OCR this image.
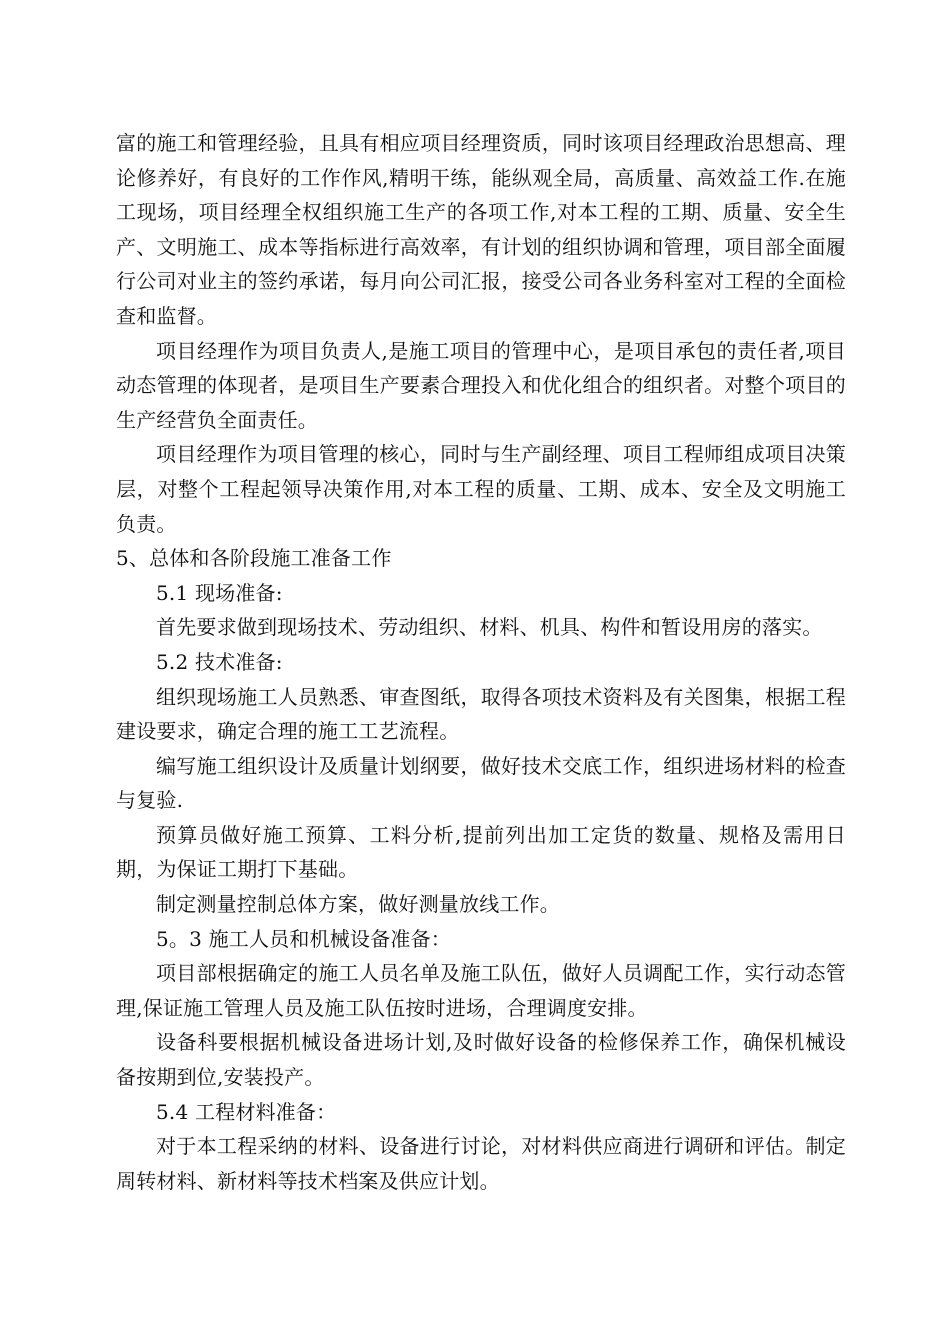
富的施工和管理经验，且具有相应项目经理资质，同时该项目经理政治思想高、理论修养好，有良好的工作作风,精明干练，能纵观全局，高质量、高效益工作.在施工现场，项目经理全权组织施工生产的各项工作,对本工程的工期、质量、安全生产、文明施工、成本等指标进行高效率，有计划的组织协调和管理，项目部全面履行公司对业主的签约承诺，每月向公司汇报，接受公司各业务科室对工程的全面检查和监督。

项目经理作为项目负责人,是施工项目的管理中心，是项目承包的责任者,项目动态管理的体现者，是项目生产要素合理投入和优化组合的组织者。对整个项目的生产经营负全面责任。

项目经理作为项目管理的核心，同时与生产副经理、项目工程师组成项目决策层，对整个工程起领导决策作用,对本工程的质量、工期、成本、安全及文明施工负责。

5、总体和各阶段施工准备工作

5.1 现场准备:

首先要求做到现场技术、劳动组织、材料、机具、构件和暂设用房的落实。

5.2 技术准备:

组织现场施工人员熟悉、审查图纸，取得各项技术资料及有关图集，根据工程建设要求，确定合理的施工工艺流程。

编写施工组织设计及质量计划纲要，做好技术交底工作，组织进场材料的检查与复验.

预算员做好施工预算、工料分析,提前列出加工定货的数量、规格及需用日期，为保证工期打下基础。

制定测量控制总体方案，做好测量放线工作。

5。3 施工人员和机械设备准备：

项目部根据确定的施工人员名单及施工队伍，做好人员调配工作，实行动态管理,保证施工管理人员及施工队伍按时进场，合理调度安排。

设备科要根据机械设备进场计划,及时做好设备的检修保养工作，确保机械设备按期到位,安装投产。

5.4 工程材料准备：

对于本工程采纳的材料、设备进行讨论，对材料供应商进行调研和评估。制定周转材料、新材料等技术档案及供应计划。
